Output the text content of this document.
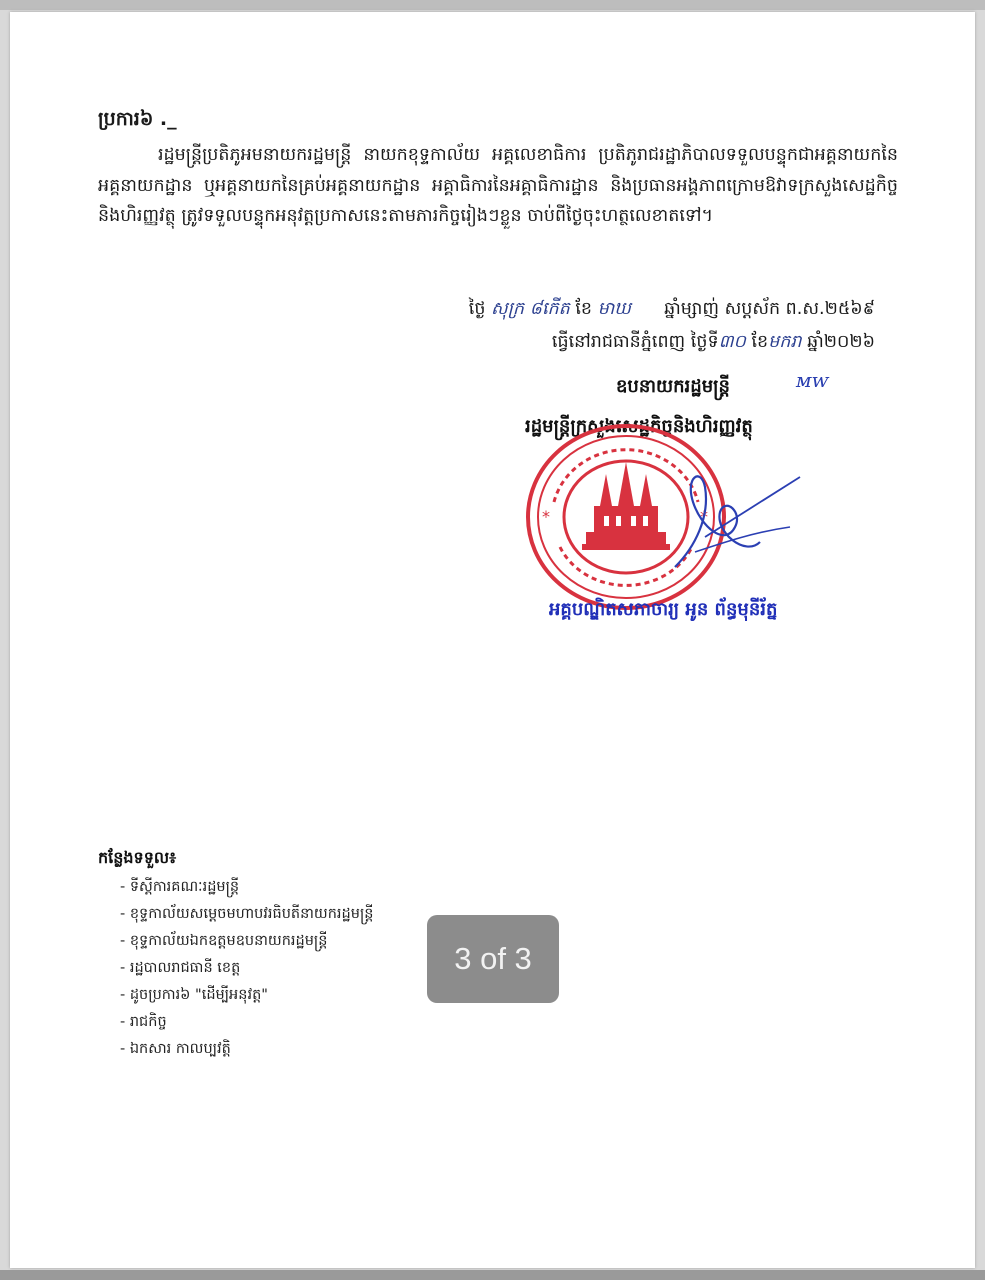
ប្រការ៦ ._
រដ្ឋមន្ត្រីប្រតិភូអមនាយករដ្ឋមន្ត្រី នាយកខុទ្ទកាល័យ អគ្គលេខាធិការ ប្រតិភូរាជរដ្ឋាភិបាលទទួលបន្ទុកជាអគ្គនាយកនៃអគ្គនាយកដ្ឋាន ឬអគ្គនាយកនៃគ្រប់អគ្គនាយកដ្ឋាន អគ្គាធិការនៃអគ្គាធិការដ្ឋាន និងប្រធានអង្គភាពក្រោមឱវាទក្រសួងសេដ្ឋកិច្ចនិងហិរញ្ញវត្ថុ ត្រូវទទួលបន្ទុកអនុវត្តប្រកាសនេះតាមភារកិច្ចរៀងៗខ្លួន ចាប់ពីថ្ងៃចុះហត្ថលេខាតទៅ។
ថ្ងៃ សុក្រ ៨កើត ខែ មាឃ ឆ្នាំម្សាញ់ សប្តស័ក ព.ស.២៥៦៩
ធ្វើនៅរាជធានីភ្នំពេញ ថ្ងៃទី៣០ ខែមករា ឆ្នាំ២០២៦
ឧបនាយករដ្ឋមន្ត្រី	ᴍᴡ
រដ្ឋមន្ត្រីក្រសួងសេដ្ឋកិច្ចនិងហិរញ្ញវត្ថុ
*	*
អគ្គបណ្ឌិតសភាចារ្យ អូន ព័ន្ធមុនីរ័ត្ន
កន្លែងទទួល៖
- ទីស្តីការគណៈរដ្ឋមន្ត្រី
- ខុទ្ទកាល័យសម្តេចមហាបវរធិបតីនាយករដ្ឋមន្ត្រី
- ខុទ្ទកាល័យឯកឧត្តមឧបនាយករដ្ឋមន្ត្រី
- រដ្ឋបាលរាជធានី ខេត្ត
- ដូចប្រការ៦ "ដើម្បីអនុវត្ត"
- រាជកិច្ច
- ឯកសារ កាលប្បវត្តិ
3 of 3
